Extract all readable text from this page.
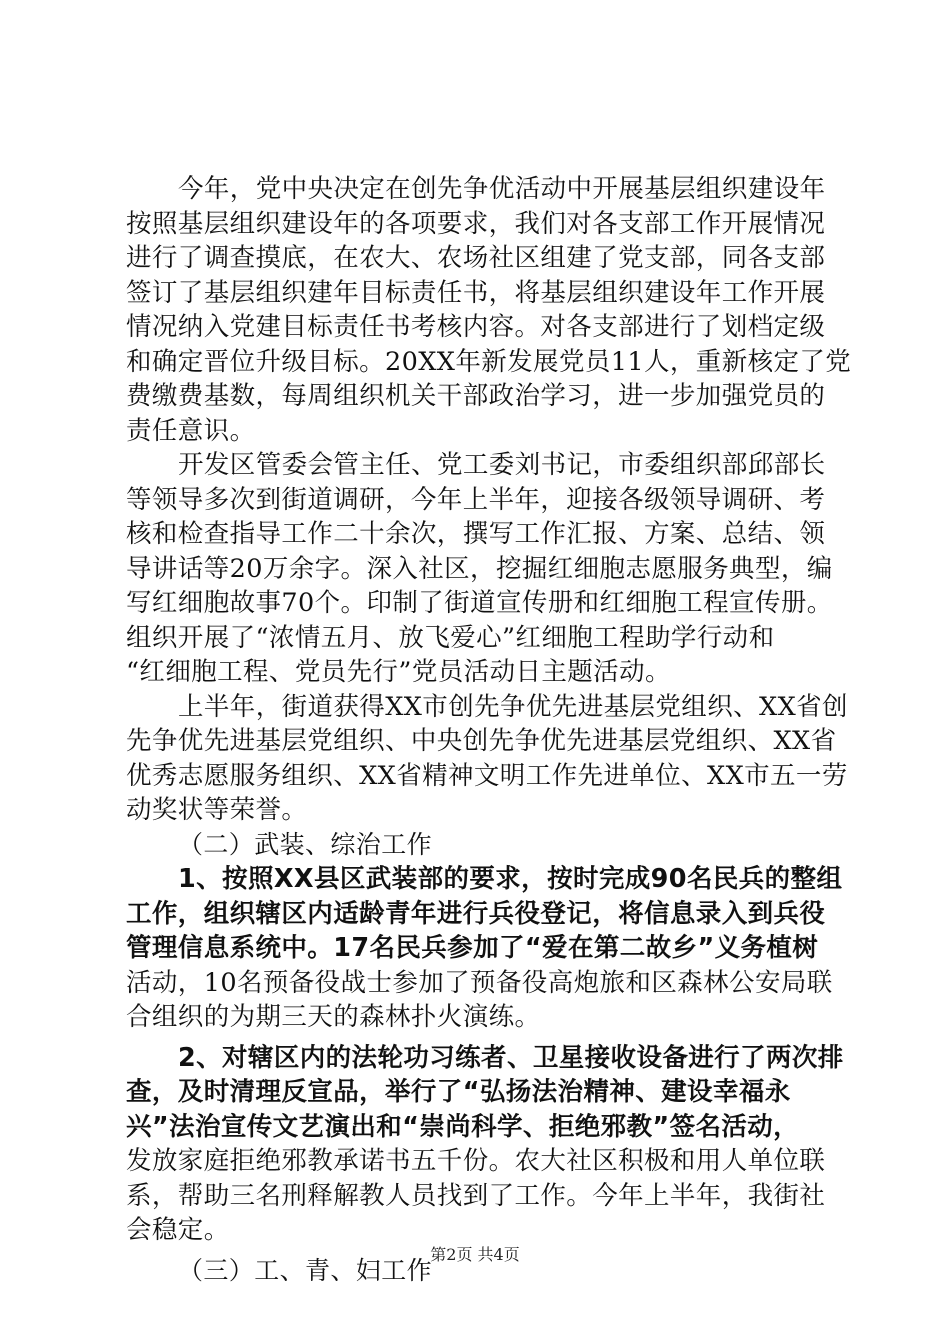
今年，党中央决定在创先争优活动中开展基层组织建设年
按照基层组织建设年的各项要求，我们对各支部工作开展情况
进行了调查摸底，在农大、农场社区组建了党支部，同各支部
签订了基层组织建年目标责任书，将基层组织建设年工作开展
情况纳入党建目标责任书考核内容。对各支部进行了划档定级
和确定晋位升级目标。20XX年新发展党员11人，重新核定了党
费缴费基数，每周组织机关干部政治学习，进一步加强党员的
责任意识。
开发区管委会管主任、党工委刘书记，市委组织部邱部长
等领导多次到街道调研，今年上半年，迎接各级领导调研、考
核和检查指导工作二十余次，撰写工作汇报、方案、总结、领
导讲话等20万余字。深入社区，挖掘红细胞志愿服务典型，编
写红细胞故事70个。印制了街道宣传册和红细胞工程宣传册。
组织开展了“浓情五月、放飞爱心”红细胞工程助学行动和
“红细胞工程、党员先行”党员活动日主题活动。
上半年，街道获得XX市创先争优先进基层党组织、XX省创
先争优先进基层党组织、中央创先争优先进基层党组织、XX省
优秀志愿服务组织、XX省精神文明工作先进单位、XX市五一劳
动奖状等荣誉。
（二）武装、综治工作
1、按照XX县区武装部的要求，按时完成90名民兵的整组
工作，组织辖区内适龄青年进行兵役登记，将信息录入到兵役
管理信息系统中。17名民兵参加了“爱在第二故乡”义务植树
活动，10名预备役战士参加了预备役高炮旅和区森林公安局联
合组织的为期三天的森林扑火演练。
2、对辖区内的法轮功习练者、卫星接收设备进行了两次排
查，及时清理反宣品，举行了“弘扬法治精神、建设幸福永
兴”法治宣传文艺演出和“崇尚科学、拒绝邪教”签名活动，
发放家庭拒绝邪教承诺书五千份。农大社区积极和用人单位联
系，帮助三名刑释解教人员找到了工作。今年上半年，我街社
会稳定。
（三）工、青、妇工作
第2页 共4页
